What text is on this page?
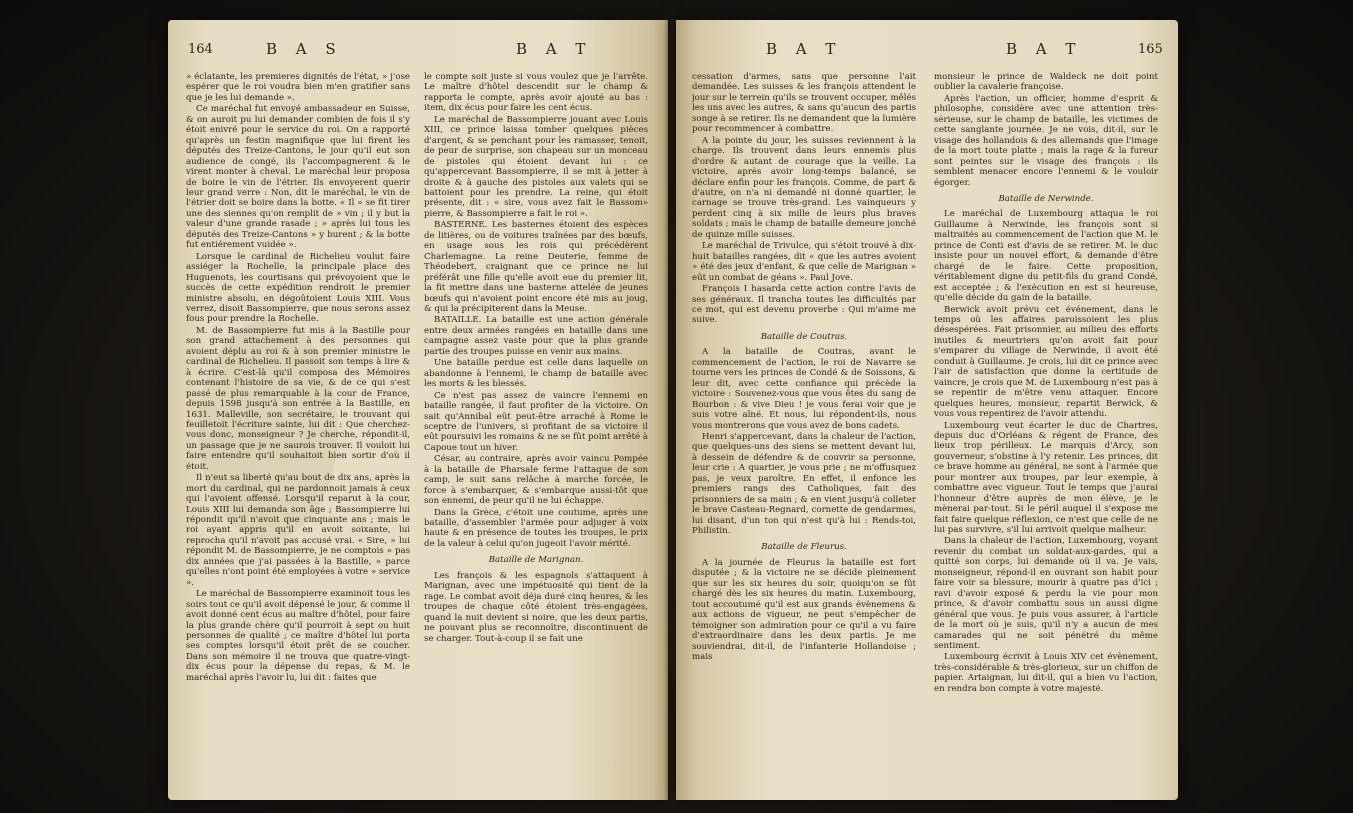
164	B A S	B A T

» éclatante, les premieres dignités de l'état, » j'ose espérer que le roi voudra bien m'en gratifier sans que je les lui demande ».

Ce maréchal fut envoyé ambassadeur en Suisse, & on auroit pu lui demander combien de fois il s'y étoit enivré pour le service du roi. On a rapporté qu'après un festin magnifique que lui firent les députés des Treize-Cantons, le jour qu'il eut son audience de congé, ils l'accompagnerent & le virent monter à cheval. Le maréchal leur proposa de boire le vin de l'étrier. Ils envoyerent querir leur grand verre : Non, dit le maréchal, le vin de l'étrier doit se boire dans la botte. « Il » se fit tirer une des siennes qu'on remplit de » vin ; il y but la valeur d'une grande rasade ; » après lui tous les députés des Treize-Cantons » y burent ; & la botte fut entiérement vuidée ».

Lorsque le cardinal de Richelieu voulut faire assiéger la Rochelle, la principale place des Huguenots, les courtisans qui prévoyoient que le succès de cette expédition rendroit le premier ministre absolu, en dégoûtoient Louis XIII. Vous verrez, disoit Bassompierre, que nous serons assez fous pour prendre la Rochelle.

M. de Bassompierre fut mis à la Bastille pour son grand attachement à des personnes qui avoient déplu au roi & à son premier ministre le cardinal de Richelieu. Il passoit son temps à lire & à écrire. C'est-là qu'il composa des Mémoires contenant l'histoire de sa vie, & de ce qui s'est passé de plus remarquable à la cour de France, depuis 1598 jusqu'à son entrée à la Bastille, en 1631. Malleville, son secrétaire, le trouvant qui feuilletoit l'écriture sainte, lui dit : Que cherchez-vous donc, monseigneur ? Je cherche, répondit-il, un passage que je ne saurois trouver. Il vouloit lui faire entendre qu'il souhaitoit bien sortir d'où il étoit.

Il n'eut sa liberté qu'au bout de dix ans, après la mort du cardinal, qui ne pardonnoit jamais à ceux qui l'avoient offensé. Lorsqu'il reparut à la cour, Louis XIII lui demanda son âge ; Bassompierre lui répondit qu'il n'avoit que cinquante ans ; mais le roi ayant appris qu'il en avoit soixante, lui reprocha qu'il n'avoit pas accusé vrai. « Sire, » lui répondit M. de Bassompierre, je ne comptois » pas dix années que j'ai passées à la Bastille, » parce qu'elles n'ont point été employées à votre » service ».

Le maréchal de Bassompierre examinoit tous les soirs tout ce qu'il avoit dépensé le jour, & comme il avoit donné cent écus au maître d'hôtel, pour faire la plus grande chère qu'il pourroit à sept ou huit personnes de qualité ; ce maître d'hôtel lui porta ses comptes lorsqu'il étoit prêt de se coucher. Dans son mémoire il ne trouva que quatre-vingt-dix écus pour la dépense du repas, & M. le maréchal après l'avoir lu, lui dit : faites que

le compte soit juste si vous voulez que je l'arrête. Le maître d'hôtel descendit sur le champ & rapporta le compte, après avoir ajouté au bas : item, dix écus pour faire les cent écus.

Le maréchal de Bassompierre jouant avec Louis XIII, ce prince laissa tomber quelques pièces d'argent, & se penchant pour les ramasser, tenoit, de peur de surprise, son chapeau sur un monceau de pistoles qui étoient devant lui : ce qu'appercevant Bassompierre, il se mit à jetter à droite & à gauche des pistoles aux valets qui se battoient pour les prendre. La reine, qui étoit présente, dit : « sire, vous avez fait le Bassom» pierre, & Bassompierre a fait le roi ».

BASTERNE. Les basternes étoient des espèces de litières, ou de voitures traînées par des bœufs, en usage sous les rois qui précédèrent Charlemagne. La reine Deuterie, femme de Théodebert, craignant que ce prince ne lui préférât une fille qu'elle avoit eue du premier lit, la fit mettre dans une basterne attelée de jeunes bœufs qui n'avoient point encore été mis au joug, & qui la précipiterent dans la Meuse.

BATAILLE. La bataille est une action générale entre deux armées rangées en bataille dans une campagne assez vaste pour que la plus grande partie des troupes puisse en venir aux mains.

Une bataille perdue est celle dans laquelle on abandonne à l'ennemi, le champ de bataille avec les morts & les blessés.

Ce n'est pas assez de vaincre l'ennemi en bataille rangée, il faut profiter de la victoire. On sait qu'Annibal eût peut-être arraché à Rome le sceptre de l'univers, si profitant de sa victoire il eût poursuivi les romains & ne se fût point arrêté à Capoue tout un hiver.

César, au contraire, après avoir vaincu Pompée à la bataille de Pharsale ferme l'attaque de son camp, le suit sans relâche à marche forcée, le force à s'embarquer, & s'embarque aussi-tôt que son ennemi, de peur qu'il ne lui échappe.

Dans la Grèce, c'étoit une coutume, après une bataille, d'assembler l'armée pour adjuger à voix haute & en présence de toutes les troupes, le prix de la valeur à celui qu'on jugeoit l'avoir mérité.

Bataille de Marignan.

Les françois & les espagnols s'attaquent à Marignan, avec une impétuosité qui tient de la rage. Le combat avoit déja duré cinq heures, & les troupes de chaque côté étoient très-engagées, quand la nuit devient si noire, que les deux partis, ne pouvant plus se reconnoître, discontinuent de se charger. Tout-à-coup il se fait une

B A T	B A T	165

cessation d'armes, sans que personne l'ait demandée. Les suisses & les françois attendent le jour sur le terrein qu'ils se trouvent occuper, mêlés les uns avec les autres, & sans qu'aucun des partis songe à se retirer. Ils ne demandent que la lumière pour recommencer à combattre.

A la pointe du jour, les suisses reviennent à la charge. Ils trouvent dans leurs ennemis plus d'ordre & autant de courage que la veille. La victoire, après avoir long-temps balancé, se déclare enfin pour les françois. Comme, de part & d'autre, on n'a ni demandé ni donné quartier, le carnage se trouve très-grand. Les vainqueurs y perdent cinq à six mille de leurs plus braves soldats ; mais le champ de bataille demeure jonché de quinze mille suisses.

Le maréchal de Trivulce, qui s'étoit trouvé à dix-huit batailles rangées, dit « que les autres avoient » été des jeux d'enfant, & que celle de Marignan » eût un combat de géans ». Paul Jove.

François I hasarda cette action contre l'avis de ses généraux. Il trancha toutes les difficultés par ce mot, qui est devenu proverbe : Qui m'aime me suive.

Bataille de Coutras.

A la bataille de Coutras, avant le commencement de l'action, le roi de Navarre se tourne vers les princes de Condé & de Soissons, & leur dit, avec cette confiance qui précède la victoire : Souvenez-vous que vous êtes du sang de Bourbon : & vive Dieu ! je vous ferai voir que je suis votre aîné. Et nous, lui répondent-ils, nous vous montrerons que vous avez de bons cadets.

Henri s'appercevant, dans la chaleur de l'action, que quelques-uns des siens se mettent devant lui, à dessein de défendre & de couvrir sa personne, leur crie : A quartier, je vous prie ; ne m'offusquez pas, je veux paroître. En effet, il enfonce les premiers rangs des Catholiques, fait des prisonniers de sa main ; & en vient jusqu'à colleter le brave Casteau-Regnard, cornette de gendarmes, lui disant, d'un ton qui n'est qu'à lui : Rends-toi, Philistin.

Bataille de Fleurus.

A la journée de Fleurus la bataille est fort disputée ; & la victoire ne se décide pleinement que sur les six heures du soir, quoiqu'on se fût chargé dès les six heures du matin. Luxembourg, tout accoutumé qu'il est aux grands évènemens & aux actions de vigueur, ne peut s'empêcher de témoigner son admiration pour ce qu'il a vu faire d'extraordinaire dans les deux partis. Je me souviendrai, dit-il, de l'infanterie Hollandoise ; mais

monsieur le prince de Waldeck ne doit point oublier la cavalerie françoise.

Après l'action, un officier, homme d'esprit & philosophe, considère avec une attention très-sérieuse, sur le champ de bataille, les victimes de cette sanglante journée. Je ne vois, dit-il, sur le visage des hollandois & des allemands que l'image de la mort toute platte ; mais la rage & la fureur sont peintes sur le visage des françois : ils semblent menacer encore l'ennemi & le vouloir égorger.

Bataille de Nerwinde.

Le maréchal de Luxembourg attaqua le roi Guillaume à Nerwinde, les françois sont si maltraités au commencement de l'action que M. le prince de Conti est d'avis de se retirer. M. le duc insiste pour un nouvel effort, & demande d'être chargé de le faire. Cette proposition, véritablement digne du petit-fils du grand Condé, est acceptée ; & l'exécution en est si heureuse, qu'elle décide du gain de la bataille.

Berwick avoit prévu cet événement, dans le temps où les affaires paroissoient les plus désespérées. Fait prisonnier, au milieu des efforts inutiles & meurtriers qu'on avoit fait pour s'emparer du village de Nerwinde, il avoit été conduit à Guillaume. Je crois, lui dit ce prince avec l'air de satisfaction que donne la certitude de vaincre, je crois que M. de Luxembourg n'est pas à se repentir de m'être venu attaquer. Encore quelques heures, monsieur, repartit Berwick, & vous vous repentirez de l'avoir attendu.

Luxembourg veut écarter le duc de Chartres, depuis duc d'Orléans & régent de France, des lieux trop périlleux. Le marquis d'Arcy, son gouverneur, s'obstine à l'y retenir. Les princes, dit ce brave homme au général, ne sont à l'armée que pour montrer aux troupes, par leur exemple, à combattre avec vigueur. Tout le temps que j'aurai l'honneur d'être auprès de mon élève, je le mènerai par-tout. Si le péril auquel il s'expose me fait faire quelque réflexion, ce n'est que celle de ne lui pas survivre, s'il lui arrivoit quelque malheur.

Dans la chaleur de l'action, Luxembourg, voyant revenir du combat un soldat-aux-gardes, qui a quitté son corps, lui demande où il va. Je vais, monseigneur, répond-il en ouvrant son habit pour faire voir sa blessure, mourir à quatre pas d'ici ; ravi d'avoir exposé & perdu la vie pour mon prince, & d'avoir combattu sous un aussi digne général que vous. Je puis vous assurer, à l'article de la mort où je suis, qu'il n'y a aucun de mes camarades qui ne soit pénétré du même sentiment.

Luxembourg écrivit à Louis XIV cet évènement, très-considérable & très-glorieux, sur un chiffon de papier. Artaignan, lui dit-il, qui a bien vu l'action, en rendra bon compte à votre majesté.
